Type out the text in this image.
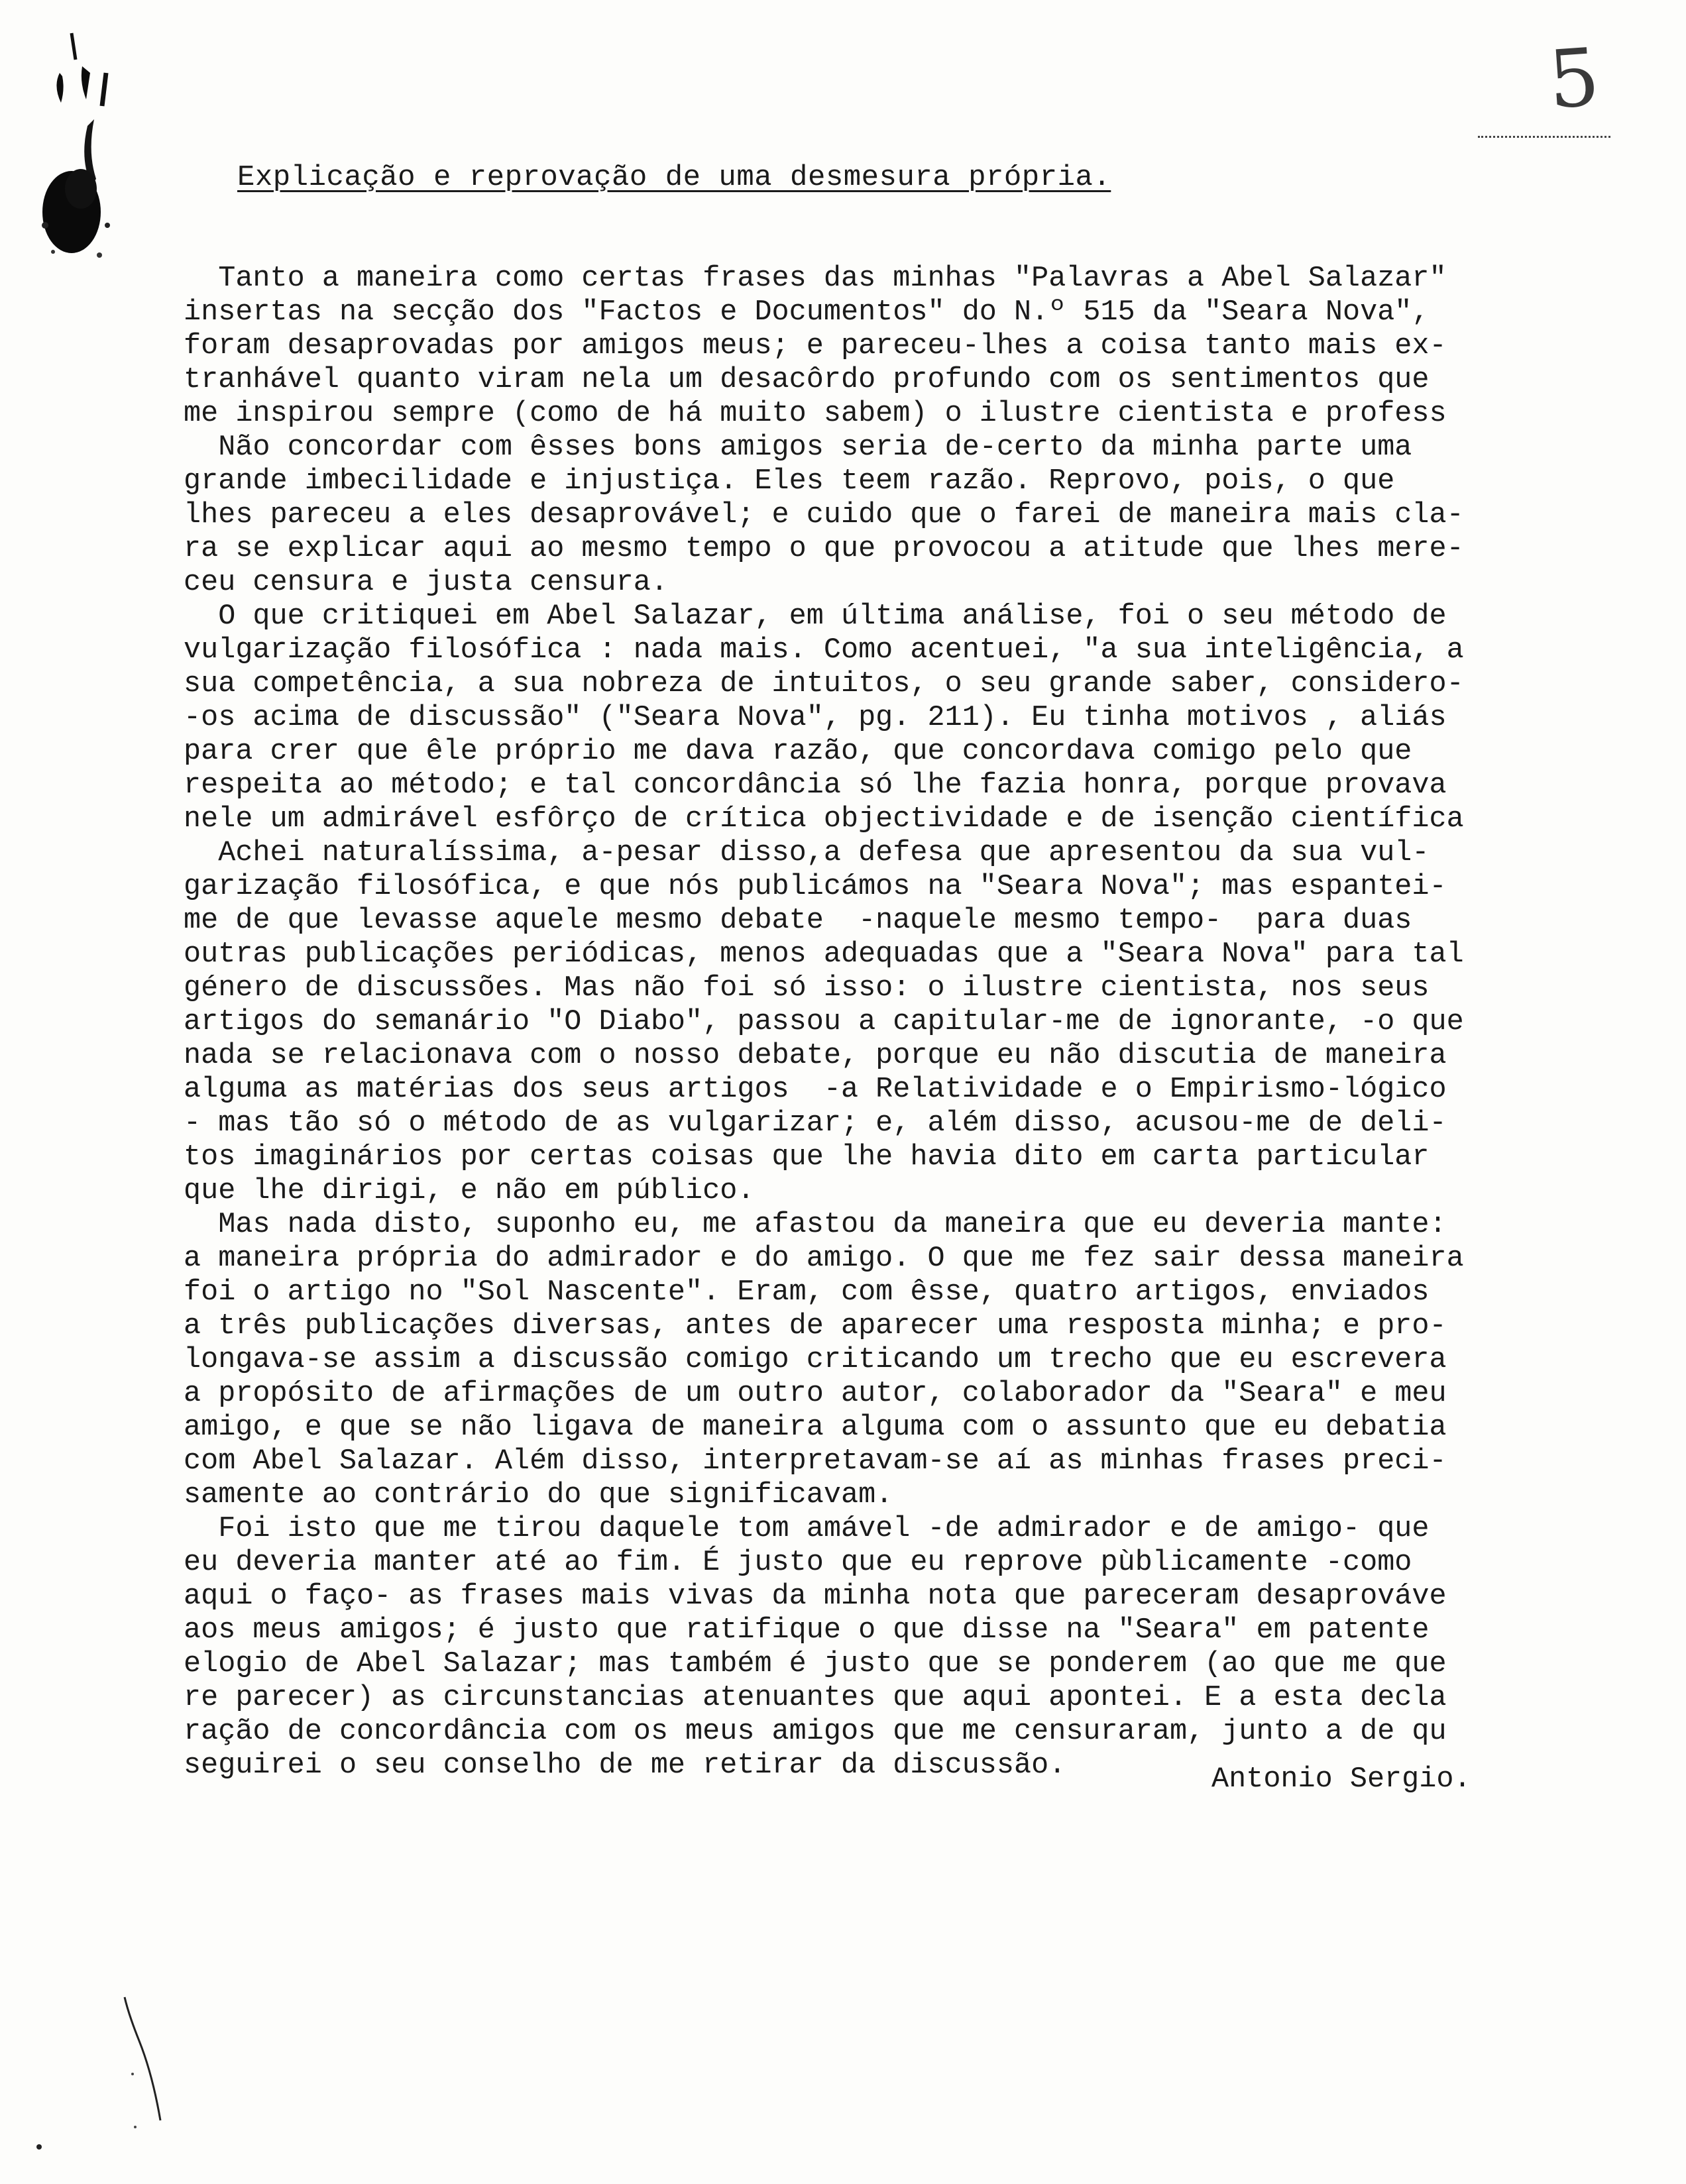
5
Explicação e reprovação de uma desmesura própria.
Tanto a maneira como certas frases das minhas "Palavras a Abel Salazar"
insertas na secção dos "Factos e Documentos" do N.º 515 da "Seara Nova",
foram desaprovadas por amigos meus; e pareceu-lhes a coisa tanto mais ex-
tranhável quanto viram nela um desacôrdo profundo com os sentimentos que
me inspirou sempre (como de há muito sabem) o ilustre cientista e profess
Não concordar com êsses bons amigos seria de-certo da minha parte uma
grande imbecilidade e injustiça. Eles teem razão. Reprovo, pois, o que
lhes pareceu a eles desaprovável; e cuido que o farei de maneira mais cla-
ra se explicar aqui ao mesmo tempo o que provocou a atitude que lhes mere-
ceu censura e justa censura.
O que critiquei em Abel Salazar, em última análise, foi o seu método de
vulgarização filosófica : nada mais. Como acentuei, "a sua inteligência, a
sua competência, a sua nobreza de intuitos, o seu grande saber, considero-
-os acima de discussão" ("Seara Nova", pg. 211). Eu tinha motivos , aliás
para crer que êle próprio me dava razão, que concordava comigo pelo que
respeita ao método; e tal concordância só lhe fazia honra, porque provava
nele um admirável esfôrço de crítica objectividade e de isenção científica
Achei naturalíssima, a-pesar disso,a defesa que apresentou da sua vul-
garização filosófica, e que nós publicámos na "Seara Nova"; mas espantei-
me de que levasse aquele mesmo debate  -naquele mesmo tempo-  para duas
outras publicações periódicas, menos adequadas que a "Seara Nova" para tal
género de discussões. Mas não foi só isso: o ilustre cientista, nos seus
artigos do semanário "O Diabo", passou a capitular-me de ignorante, -o que
nada se relacionava com o nosso debate, porque eu não discutia de maneira
alguma as matérias dos seus artigos  -a Relatividade e o Empirismo-lógico
- mas tão só o método de as vulgarizar; e, além disso, acusou-me de deli-
tos imaginários por certas coisas que lhe havia dito em carta particular
que lhe dirigi, e não em público.
Mas nada disto, suponho eu, me afastou da maneira que eu deveria mante:
a maneira própria do admirador e do amigo. O que me fez sair dessa maneira
foi o artigo no "Sol Nascente". Eram, com êsse, quatro artigos, enviados
a três publicações diversas, antes de aparecer uma resposta minha; e pro-
longava-se assim a discussão comigo criticando um trecho que eu escrevera
a propósito de afirmações de um outro autor, colaborador da "Seara" e meu
amigo, e que se não ligava de maneira alguma com o assunto que eu debatia
com Abel Salazar. Além disso, interpretavam-se aí as minhas frases preci-
samente ao contrário do que significavam.
Foi isto que me tirou daquele tom amável -de admirador e de amigo- que
eu deveria manter até ao fim. É justo que eu reprove pùblicamente -como
aqui o faço- as frases mais vivas da minha nota que pareceram desaprováve
aos meus amigos; é justo que ratifique o que disse na "Seara" em patente
elogio de Abel Salazar; mas também é justo que se ponderem (ao que me que
re parecer) as circunstancias atenuantes que aqui apontei. E a esta decla
ração de concordância com os meus amigos que me censuraram, junto a de qu
seguirei o seu conselho de me retirar da discussão.	Antonio Sergio.
